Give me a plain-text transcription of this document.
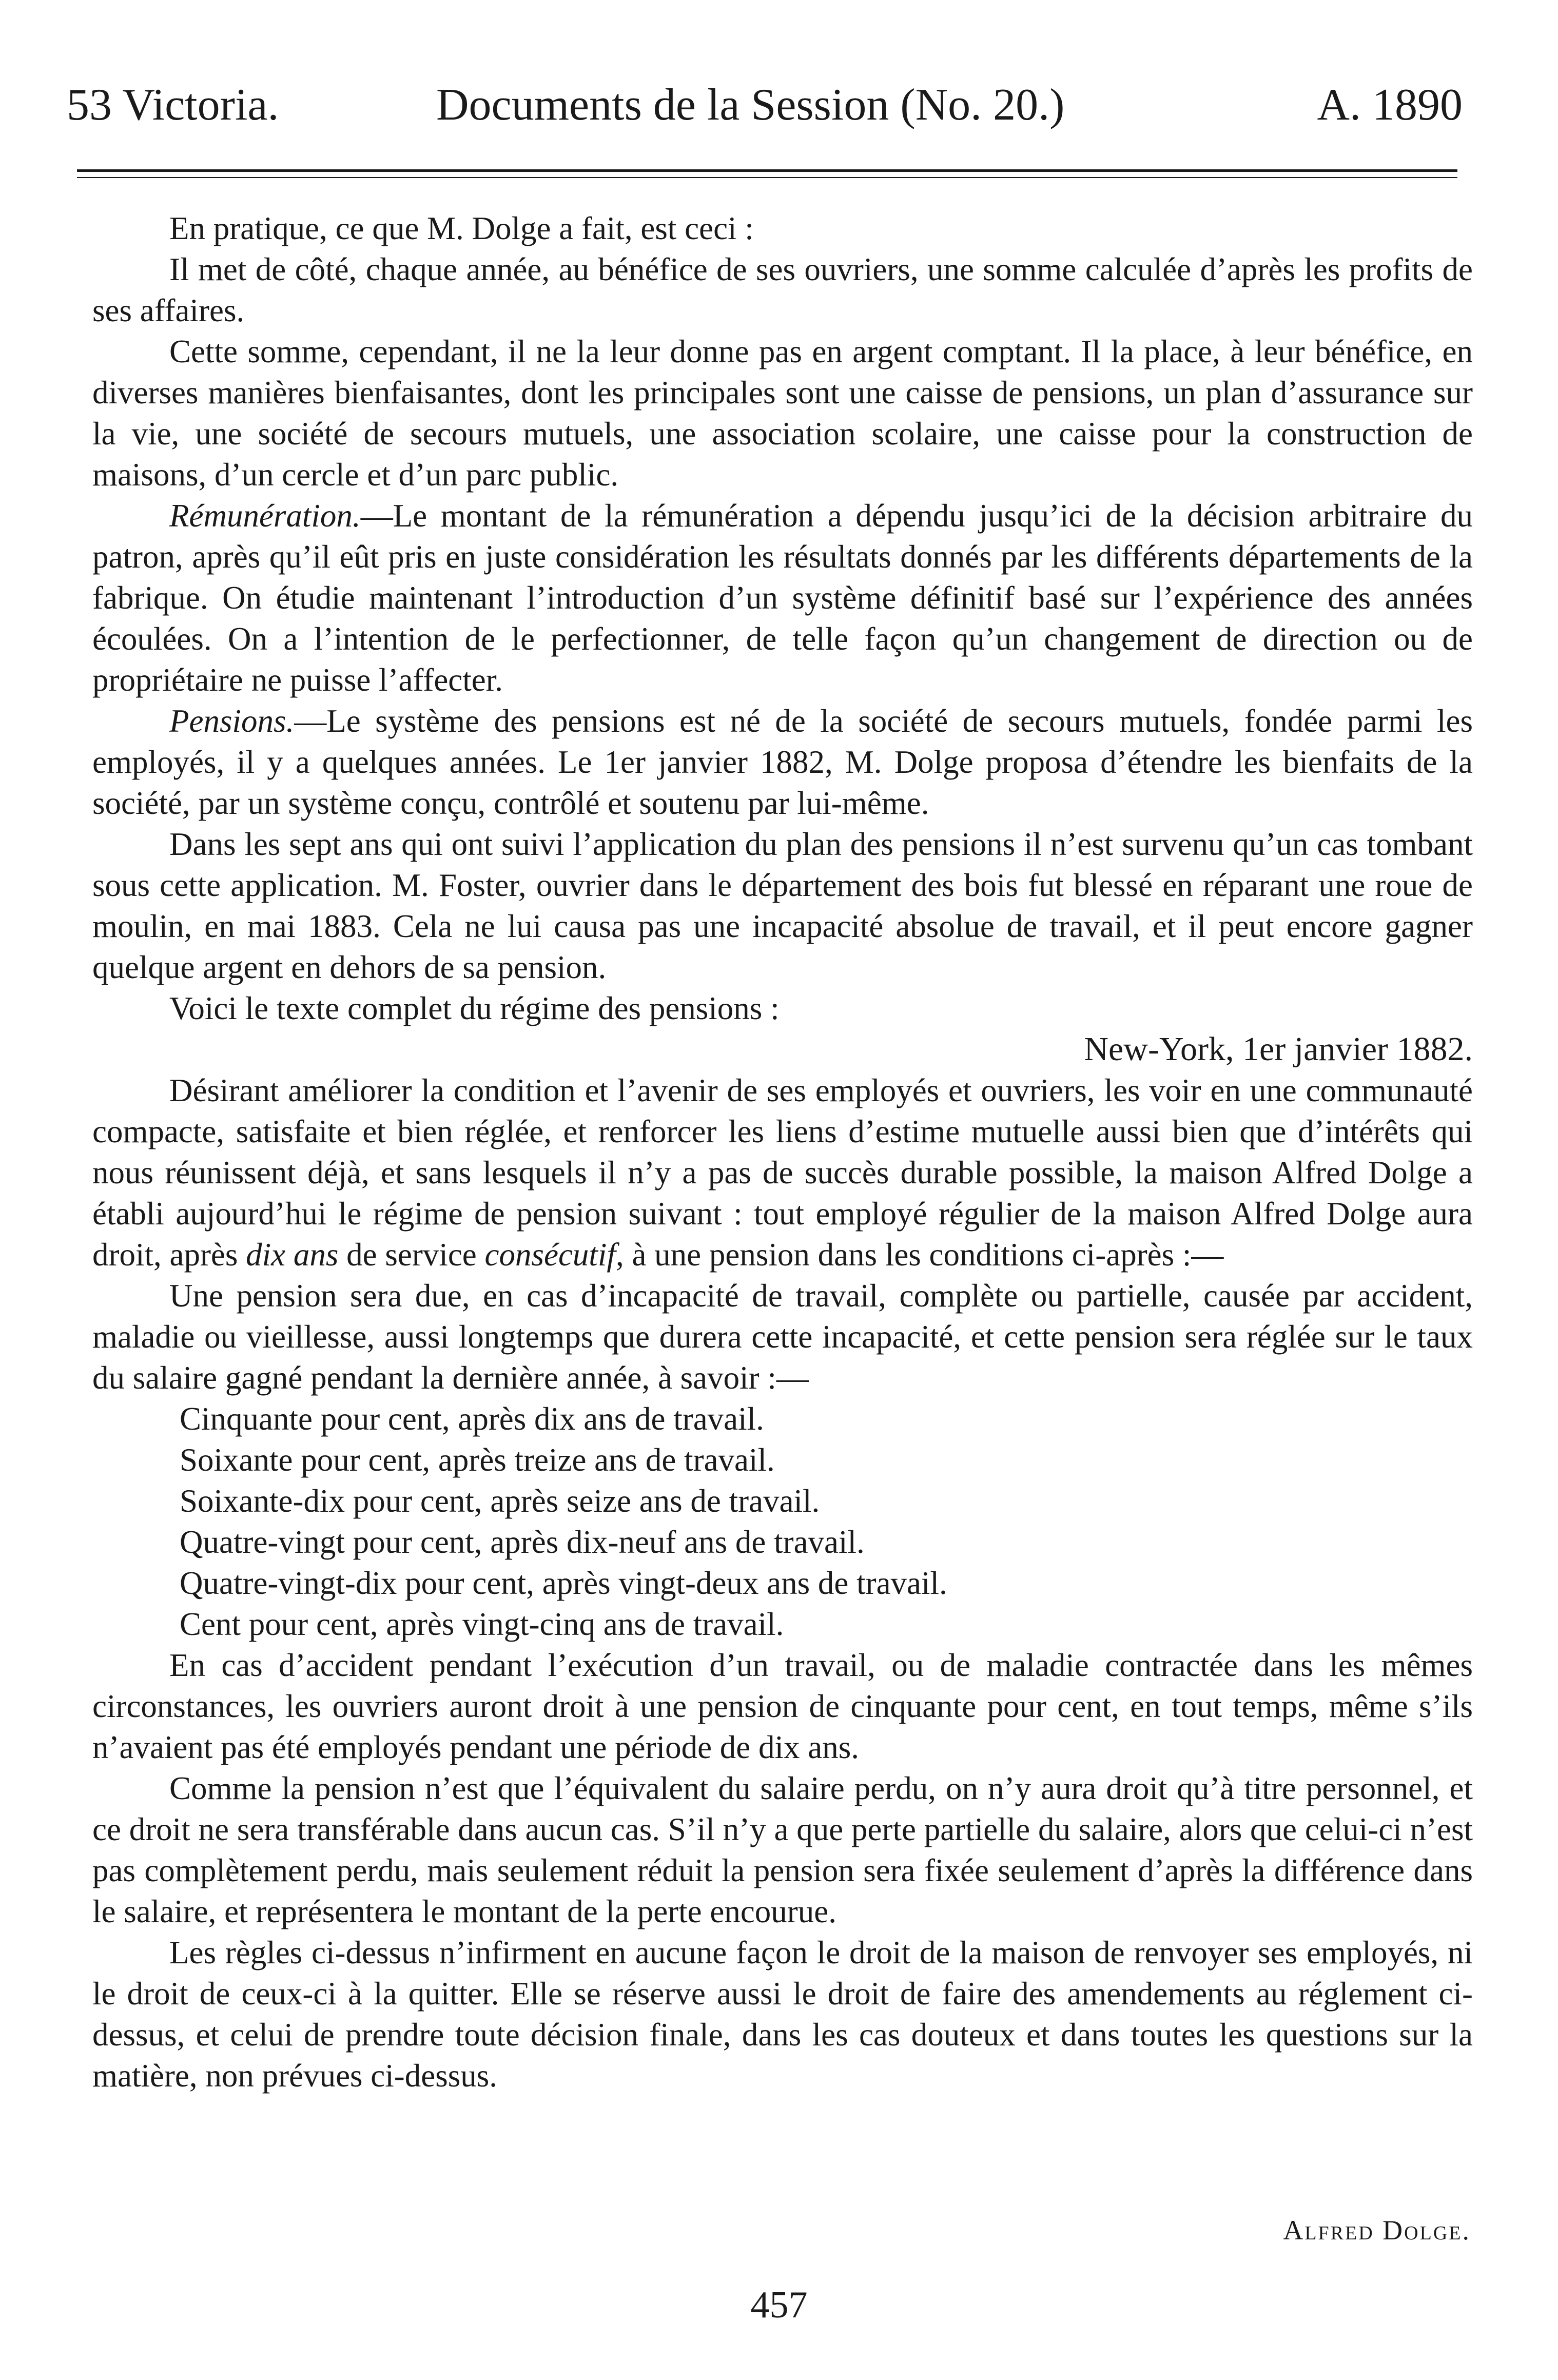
53 Victoria.	Documents de la Session (No. 20.)	A. 1890

En pratique, ce que M. Dolge a fait, est ceci :

Il met de côté, chaque année, au bénéfice de ses ouvriers, une somme calculée d’après les profits de ses affaires.

Cette somme, cependant, il ne la leur donne pas en argent comptant. Il la place, à leur bénéfice, en diverses manières bienfaisantes, dont les principales sont une caisse de pensions, un plan d’assurance sur la vie, une société de secours mutuels, une association scolaire, une caisse pour la construction de maisons, d’un cercle et d’un parc public.

Rémunération.—Le montant de la rémunération a dépendu jusqu’ici de la décision arbitraire du patron, après qu’il eût pris en juste considération les résultats donnés par les différents départements de la fabrique. On étudie maintenant l’introduction d’un système définitif basé sur l’expérience des années écoulées. On a l’intention de le perfectionner, de telle façon qu’un changement de direction ou de propriétaire ne puisse l’affecter.

Pensions.—Le système des pensions est né de la société de secours mutuels, fondée parmi les employés, il y a quelques années. Le 1er janvier 1882, M. Dolge proposa d’étendre les bienfaits de la société, par un système conçu, contrôlé et soutenu par lui-même.

Dans les sept ans qui ont suivi l’application du plan des pensions il n’est survenu qu’un cas tombant sous cette application. M. Foster, ouvrier dans le département des bois fut blessé en réparant une roue de moulin, en mai 1883. Cela ne lui causa pas une incapacité absolue de travail, et il peut encore gagner quelque argent en dehors de sa pension.

Voici le texte complet du régime des pensions :

New-York, 1er janvier 1882.

Désirant améliorer la condition et l’avenir de ses employés et ouvriers, les voir en une communauté compacte, satisfaite et bien réglée, et renforcer les liens d’estime mutuelle aussi bien que d’intérêts qui nous réunissent déjà, et sans lesquels il n’y a pas de succès durable possible, la maison Alfred Dolge a établi aujourd’hui le régime de pension suivant : tout employé régulier de la maison Alfred Dolge aura droit, après dix ans de service consécutif, à une pension dans les conditions ci-après :—

Une pension sera due, en cas d’incapacité de travail, complète ou partielle, causée par accident, maladie ou vieillesse, aussi longtemps que durera cette incapacité, et cette pension sera réglée sur le taux du salaire gagné pendant la dernière année, à savoir :—

Cinquante pour cent, après dix ans de travail.
Soixante pour cent, après treize ans de travail.
Soixante-dix pour cent, après seize ans de travail.
Quatre-vingt pour cent, après dix-neuf ans de travail.
Quatre-vingt-dix pour cent, après vingt-deux ans de travail.
Cent pour cent, après vingt-cinq ans de travail.

En cas d’accident pendant l’exécution d’un travail, ou de maladie contractée dans les mêmes circonstances, les ouvriers auront droit à une pension de cinquante pour cent, en tout temps, même s’ils n’avaient pas été employés pendant une période de dix ans.

Comme la pension n’est que l’équivalent du salaire perdu, on n’y aura droit qu’à titre personnel, et ce droit ne sera transférable dans aucun cas. S’il n’y a que perte partielle du salaire, alors que celui-ci n’est pas complètement perdu, mais seulement réduit la pension sera fixée seulement d’après la différence dans le salaire, et représentera le montant de la perte encourue.

Les règles ci-dessus n’infirment en aucune façon le droit de la maison de renvoyer ses employés, ni le droit de ceux-ci à la quitter. Elle se réserve aussi le droit de faire des amendements au réglement ci-dessus, et celui de prendre toute décision finale, dans les cas douteux et dans toutes les questions sur la matière, non prévues ci-dessus.

Alfred Dolge.
457
